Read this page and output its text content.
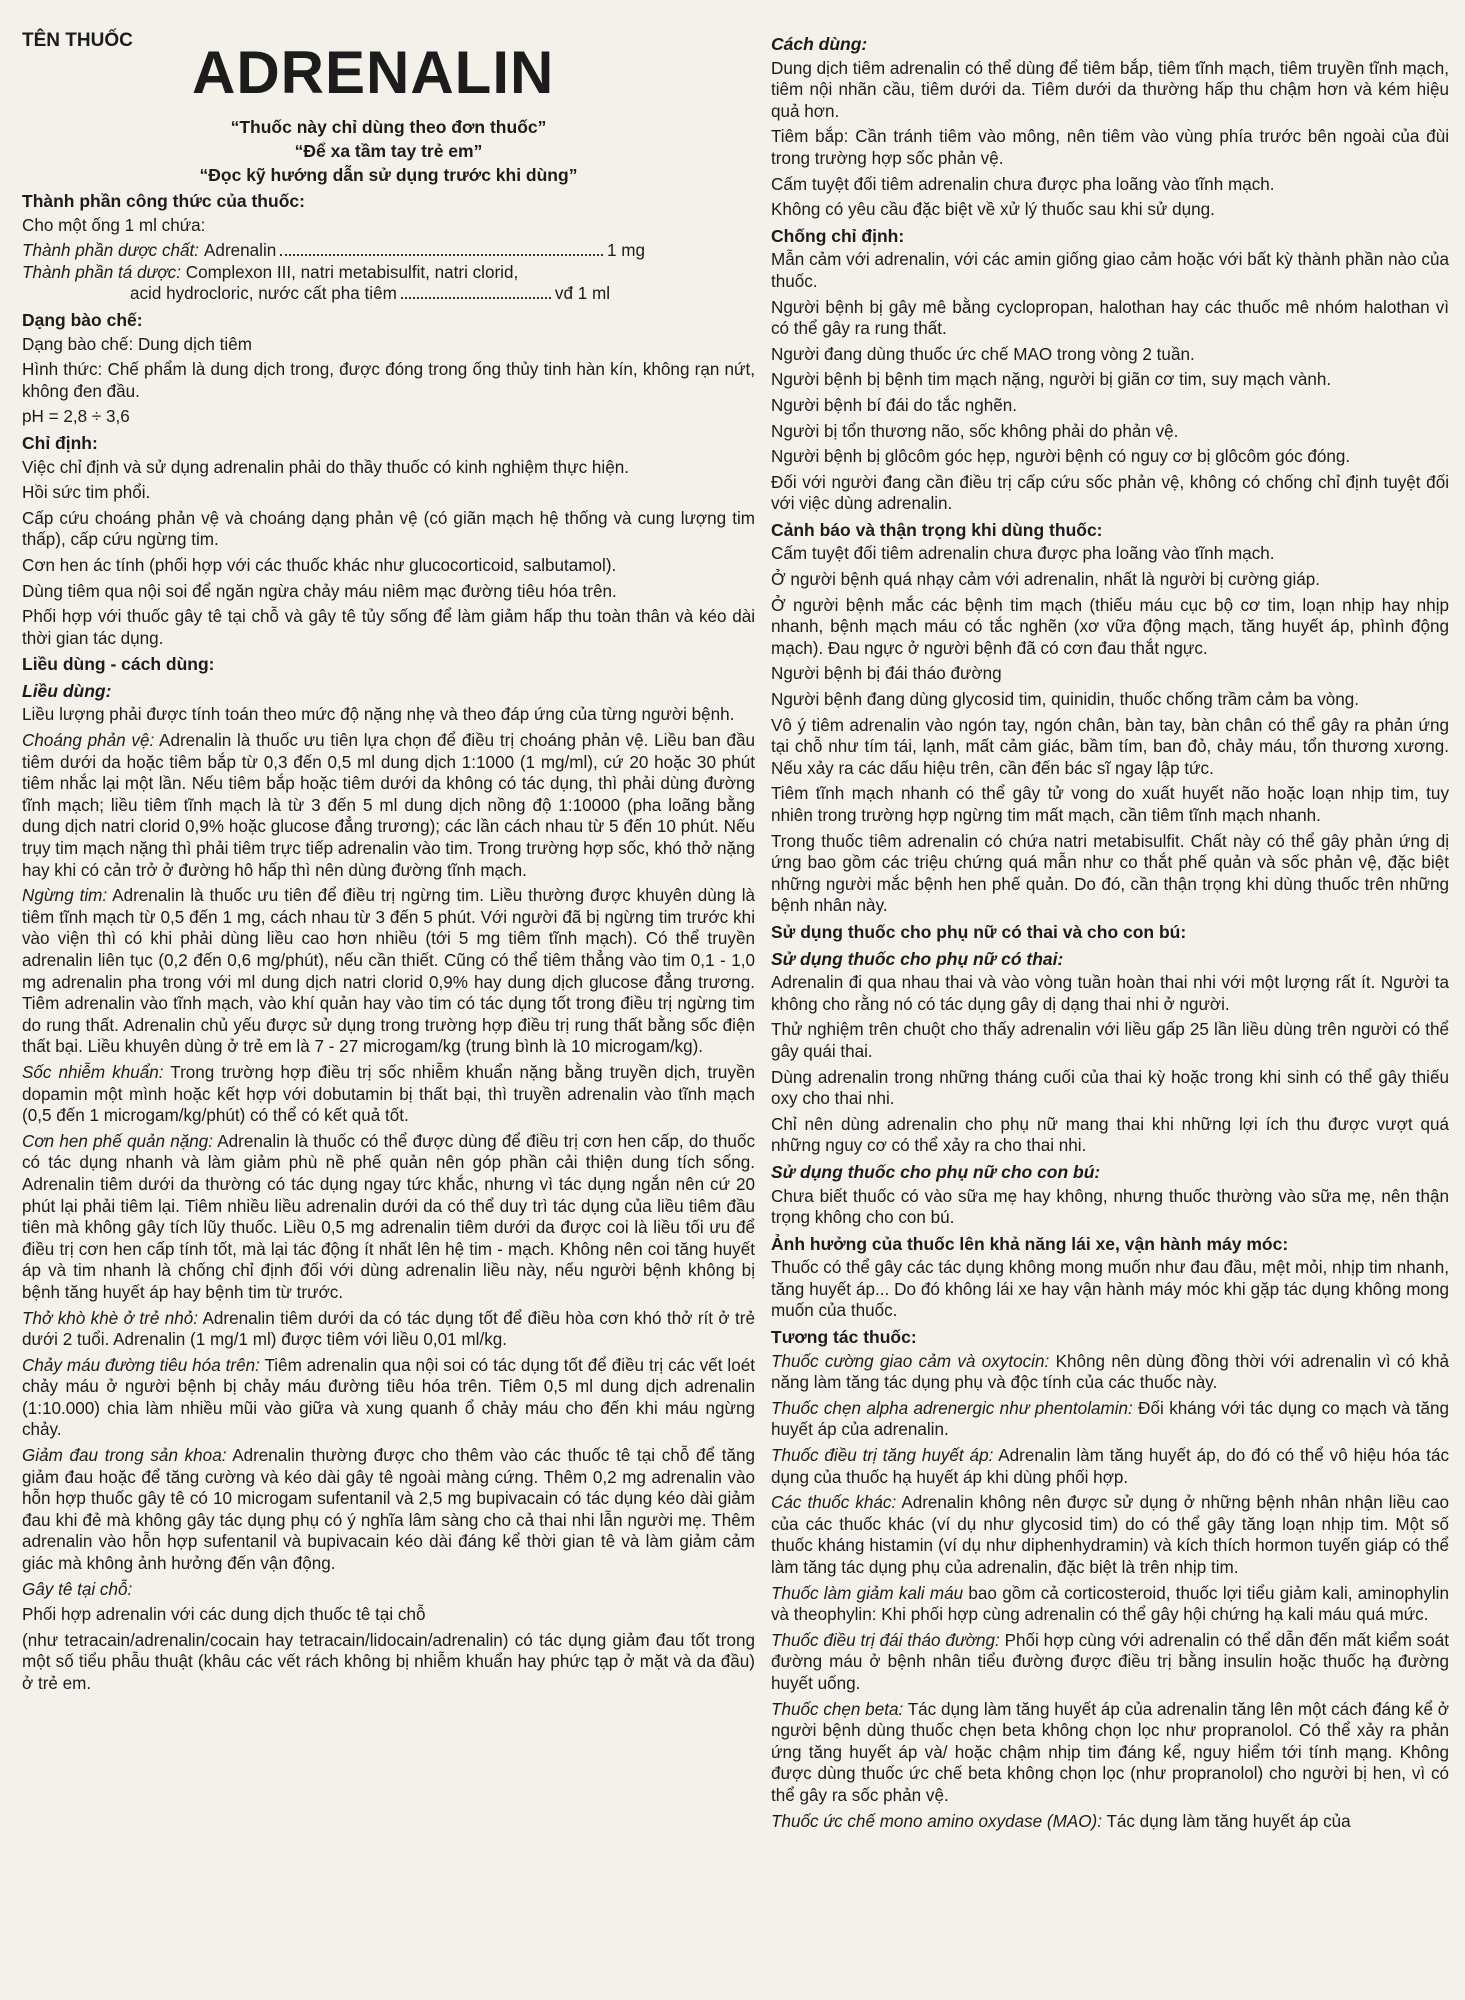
TÊN THUỐC ADRENALIN
“Thuốc này chỉ dùng theo đơn thuốc”
“Để xa tầm tay trẻ em”
“Đọc kỹ hướng dẫn sử dụng trước khi dùng”
Thành phần công thức của thuốc:

Cho một ống 1 ml chứa:

Thành phần dược chất: Adrenalin	1 mg

Thành phần tá dược: Complexon III, natri metabisulfit, natri clorid,

acid hydrocloric, nước cất pha tiêm	vđ 1 ml
Dạng bào chế:

Dạng bào chế: Dung dịch tiêm

Hình thức: Chế phẩm là dung dịch trong, được đóng trong ống thủy tinh hàn kín, không rạn nứt, không đen đầu.

pH = 2,8 ÷ 3,6

Chỉ định:

Việc chỉ định và sử dụng adrenalin phải do thầy thuốc có kinh nghiệm thực hiện.

Hồi sức tim phổi.

Cấp cứu choáng phản vệ và choáng dạng phản vệ (có giãn mạch hệ thống và cung lượng tim thấp), cấp cứu ngừng tim.

Cơn hen ác tính (phối hợp với các thuốc khác như glucocorticoid, salbutamol).

Dùng tiêm qua nội soi để ngăn ngừa chảy máu niêm mạc đường tiêu hóa trên.

Phối hợp với thuốc gây tê tại chỗ và gây tê tủy sống để làm giảm hấp thu toàn thân và kéo dài thời gian tác dụng.

Liều dùng - cách dùng:
Liều dùng:

Liều lượng phải được tính toán theo mức độ nặng nhẹ và theo đáp ứng của từng người bệnh.

Choáng phản vệ: Adrenalin là thuốc ưu tiên lựa chọn để điều trị choáng phản vệ. Liều ban đầu tiêm dưới da hoặc tiêm bắp từ 0,3 đến 0,5 ml dung dịch 1:1000 (1 mg/ml), cứ 20 hoặc 30 phút tiêm nhắc lại một lần. Nếu tiêm bắp hoặc tiêm dưới da không có tác dụng, thì phải dùng đường tĩnh mạch; liều tiêm tĩnh mạch là từ 3 đến 5 ml dung dịch nồng độ 1:10000 (pha loãng bằng dung dịch natri clorid 0,9% hoặc glucose đẳng trương); các lần cách nhau từ 5 đến 10 phút. Nếu trụy tim mạch nặng thì phải tiêm trực tiếp adrenalin vào tim. Trong trường hợp sốc, khó thở nặng hay khi có cản trở ở đường hô hấp thì nên dùng đường tĩnh mạch.

Ngừng tim: Adrenalin là thuốc ưu tiên để điều trị ngừng tim. Liều thường được khuyên dùng là tiêm tĩnh mạch từ 0,5 đến 1 mg, cách nhau từ 3 đến 5 phút. Với người đã bị ngừng tim trước khi vào viện thì có khi phải dùng liều cao hơn nhiều (tới 5 mg tiêm tĩnh mạch). Có thể truyền adrenalin liên tục (0,2 đến 0,6 mg/phút), nếu cần thiết. Cũng có thể tiêm thẳng vào tim 0,1 - 1,0 mg adrenalin pha trong với ml dung dịch natri clorid 0,9% hay dung dịch glucose đẳng trương. Tiêm adrenalin vào tĩnh mạch, vào khí quản hay vào tim có tác dụng tốt trong điều trị ngừng tim do rung thất. Adrenalin chủ yếu được sử dụng trong trường hợp điều trị rung thất bằng sốc điện thất bại. Liều khuyên dùng ở trẻ em là 7 - 27 microgam/kg (trung bình là 10 microgam/kg).

Sốc nhiễm khuẩn: Trong trường hợp điều trị sốc nhiễm khuẩn nặng bằng truyền dịch, truyền dopamin một mình hoặc kết hợp với dobutamin bị thất bại, thì truyền adrenalin vào tĩnh mạch (0,5 đến 1 microgam/kg/phút) có thể có kết quả tốt.

Cơn hen phế quản nặng: Adrenalin là thuốc có thể được dùng để điều trị cơn hen cấp, do thuốc có tác dụng nhanh và làm giảm phù nề phế quản nên góp phần cải thiện dung tích sống. Adrenalin tiêm dưới da thường có tác dụng ngay tức khắc, nhưng vì tác dụng ngắn nên cứ 20 phút lại phải tiêm lại. Tiêm nhiều liều adrenalin dưới da có thể duy trì tác dụng của liều tiêm đầu tiên mà không gây tích lũy thuốc. Liều 0,5 mg adrenalin tiêm dưới da được coi là liều tối ưu để điều trị cơn hen cấp tính tốt, mà lại tác động ít nhất lên hệ tim - mạch. Không nên coi tăng huyết áp và tim nhanh là chống chỉ định đối với dùng adrenalin liều này, nếu người bệnh không bị bệnh tăng huyết áp hay bệnh tim từ trước.

Thở khò khè ở trẻ nhỏ: Adrenalin tiêm dưới da có tác dụng tốt để điều hòa cơn khó thở rít ở trẻ dưới 2 tuổi. Adrenalin (1 mg/1 ml) được tiêm với liều 0,01 ml/kg.

Chảy máu đường tiêu hóa trên: Tiêm adrenalin qua nội soi có tác dụng tốt để điều trị các vết loét chảy máu ở người bệnh bị chảy máu đường tiêu hóa trên. Tiêm 0,5 ml dung dịch adrenalin (1:10.000) chia làm nhiều mũi vào giữa và xung quanh ổ chảy máu cho đến khi máu ngừng chảy.

Giảm đau trong sản khoa: Adrenalin thường được cho thêm vào các thuốc tê tại chỗ để tăng giảm đau hoặc để tăng cường và kéo dài gây tê ngoài màng cứng. Thêm 0,2 mg adrenalin vào hỗn hợp thuốc gây tê có 10 microgam sufentanil và 2,5 mg bupivacain có tác dụng kéo dài giảm đau khi đẻ mà không gây tác dụng phụ có ý nghĩa lâm sàng cho cả thai nhi lẫn người mẹ. Thêm adrenalin vào hỗn hợp sufentanil và bupivacain kéo dài đáng kể thời gian tê và làm giảm cảm giác mà không ảnh hưởng đến vận động.

Gây tê tại chỗ:

Phối hợp adrenalin với các dung dịch thuốc tê tại chỗ

(như tetracain/adrenalin/cocain hay tetracain/lidocain/adrenalin) có tác dụng giảm đau tốt trong một số tiểu phẫu thuật (khâu các vết rách không bị nhiễm khuẩn hay phức tạp ở mặt và da đầu) ở trẻ em.

Cách dùng:

Dung dịch tiêm adrenalin có thể dùng để tiêm bắp, tiêm tĩnh mạch, tiêm truyền tĩnh mạch, tiêm nội nhãn cầu, tiêm dưới da. Tiêm dưới da thường hấp thu chậm hơn và kém hiệu quả hơn.

Tiêm bắp: Cần tránh tiêm vào mông, nên tiêm vào vùng phía trước bên ngoài của đùi trong trường hợp sốc phản vệ.

Cấm tuyệt đối tiêm adrenalin chưa được pha loãng vào tĩnh mạch.

Không có yêu cầu đặc biệt về xử lý thuốc sau khi sử dụng.

Chống chỉ định:

Mẫn cảm với adrenalin, với các amin giống giao cảm hoặc với bất kỳ thành phần nào của thuốc.

Người bệnh bị gây mê bằng cyclopropan, halothan hay các thuốc mê nhóm halothan vì có thể gây ra rung thất.

Người đang dùng thuốc ức chế MAO trong vòng 2 tuần.

Người bệnh bị bệnh tim mạch nặng, người bị giãn cơ tim, suy mạch vành.

Người bệnh bí đái do tắc nghẽn.

Người bị tổn thương não, sốc không phải do phản vệ.

Người bệnh bị glôcôm góc hẹp, người bệnh có nguy cơ bị glôcôm góc đóng.

Đối với người đang cần điều trị cấp cứu sốc phản vệ, không có chống chỉ định tuyệt đối với việc dùng adrenalin.

Cảnh báo và thận trọng khi dùng thuốc:

Cấm tuyệt đối tiêm adrenalin chưa được pha loãng vào tĩnh mạch.

Ở người bệnh quá nhạy cảm với adrenalin, nhất là người bị cường giáp.

Ở người bệnh mắc các bệnh tim mạch (thiếu máu cục bộ cơ tim, loạn nhịp hay nhịp nhanh, bệnh mạch máu có tắc nghẽn (xơ vữa động mạch, tăng huyết áp, phình động mạch). Đau ngực ở người bệnh đã có cơn đau thắt ngực.

Người bệnh bị đái tháo đường

Người bệnh đang dùng glycosid tim, quinidin, thuốc chống trầm cảm ba vòng.

Vô ý tiêm adrenalin vào ngón tay, ngón chân, bàn tay, bàn chân có thể gây ra phản ứng tại chỗ như tím tái, lạnh, mất cảm giác, bầm tím, ban đỏ, chảy máu, tổn thương xương. Nếu xảy ra các dấu hiệu trên, cần đến bác sĩ ngay lập tức.

Tiêm tĩnh mạch nhanh có thể gây tử vong do xuất huyết não hoặc loạn nhịp tim, tuy nhiên trong trường hợp ngừng tim mất mạch, cần tiêm tĩnh mạch nhanh.

Trong thuốc tiêm adrenalin có chứa natri metabisulfit. Chất này có thể gây phản ứng dị ứng bao gồm các triệu chứng quá mẫn như co thắt phế quản và sốc phản vệ, đặc biệt những người mắc bệnh hen phế quản. Do đó, cần thận trọng khi dùng thuốc trên những bệnh nhân này.

Sử dụng thuốc cho phụ nữ có thai và cho con bú:
Sử dụng thuốc cho phụ nữ có thai:

Adrenalin đi qua nhau thai và vào vòng tuần hoàn thai nhi với một lượng rất ít. Người ta không cho rằng nó có tác dụng gây dị dạng thai nhi ở người.

Thử nghiệm trên chuột cho thấy adrenalin với liều gấp 25 lần liều dùng trên người có thể gây quái thai.

Dùng adrenalin trong những tháng cuối của thai kỳ hoặc trong khi sinh có thể gây thiếu oxy cho thai nhi.

Chỉ nên dùng adrenalin cho phụ nữ mang thai khi những lợi ích thu được vượt quá những nguy cơ có thể xảy ra cho thai nhi.

Sử dụng thuốc cho phụ nữ cho con bú:

Chưa biết thuốc có vào sữa mẹ hay không, nhưng thuốc thường vào sữa mẹ, nên thận trọng không cho con bú.

Ảnh hưởng của thuốc lên khả năng lái xe, vận hành máy móc:

Thuốc có thể gây các tác dụng không mong muốn như đau đầu, mệt mỏi, nhịp tim nhanh, tăng huyết áp... Do đó không lái xe hay vận hành máy móc khi gặp tác dụng không mong muốn của thuốc.

Tương tác thuốc:

Thuốc cường giao cảm và oxytocin: Không nên dùng đồng thời với adrenalin vì có khả năng làm tăng tác dụng phụ và độc tính của các thuốc này.

Thuốc chẹn alpha adrenergic như phentolamin: Đối kháng với tác dụng co mạch và tăng huyết áp của adrenalin.

Thuốc điều trị tăng huyết áp: Adrenalin làm tăng huyết áp, do đó có thể vô hiệu hóa tác dụng của thuốc hạ huyết áp khi dùng phối hợp.

Các thuốc khác: Adrenalin không nên được sử dụng ở những bệnh nhân nhận liều cao của các thuốc khác (ví dụ như glycosid tim) do có thể gây tăng loạn nhịp tim. Một số thuốc kháng histamin (ví dụ như diphenhydramin) và kích thích hormon tuyến giáp có thể làm tăng tác dụng phụ của adrenalin, đặc biệt là trên nhịp tim.

Thuốc làm giảm kali máu bao gồm cả corticosteroid, thuốc lợi tiểu giảm kali, aminophylin và theophylin: Khi phối hợp cùng adrenalin có thể gây hội chứng hạ kali máu quá mức.

Thuốc điều trị đái tháo đường: Phối hợp cùng với adrenalin có thể dẫn đến mất kiểm soát đường máu ở bệnh nhân tiểu đường được điều trị bằng insulin hoặc thuốc hạ đường huyết uống.

Thuốc chẹn beta: Tác dụng làm tăng huyết áp của adrenalin tăng lên một cách đáng kể ở người bệnh dùng thuốc chẹn beta không chọn lọc như propranolol. Có thể xảy ra phản ứng tăng huyết áp và/ hoặc chậm nhịp tim đáng kể, nguy hiểm tới tính mạng. Không được dùng thuốc ức chế beta không chọn lọc (như propranolol) cho người bị hen, vì có thể gây ra sốc phản vệ.

Thuốc ức chế mono amino oxydase (MAO): Tác dụng làm tăng huyết áp của
